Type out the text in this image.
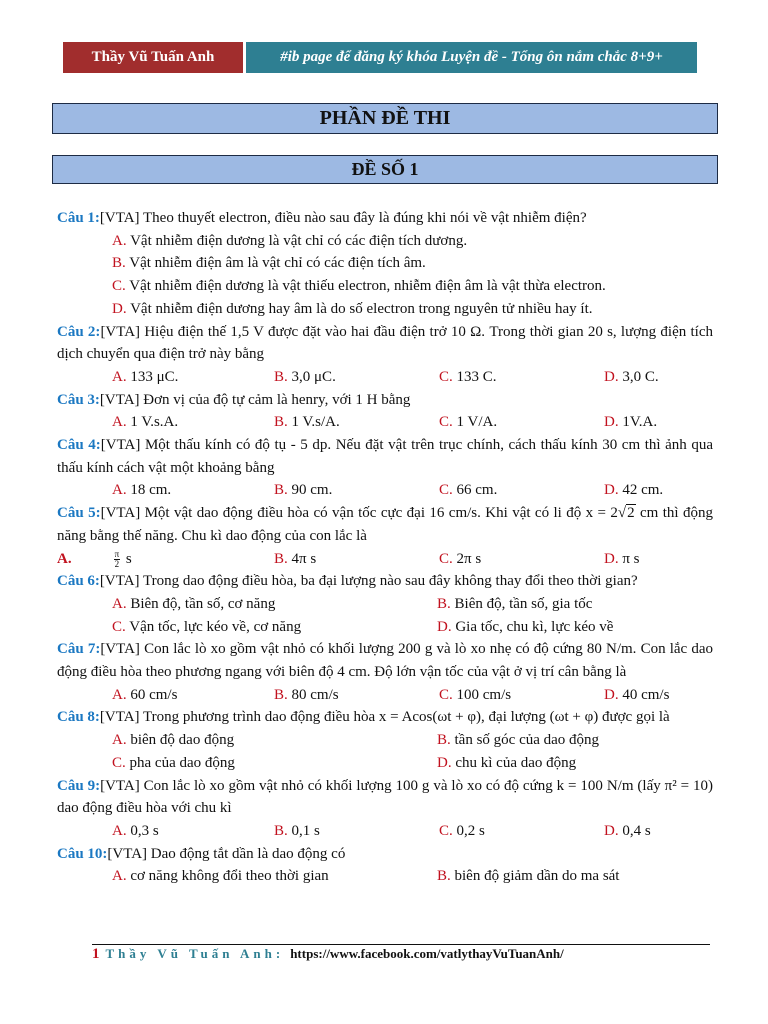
Thầy Vũ Tuấn Anh	#ib page để đăng ký khóa Luyện đề - Tổng ôn nắm chắc 8+9+
PHẦN ĐỀ THI
ĐỀ SỐ 1
Câu 1:[VTA] Theo thuyết electron, điều nào sau đây là đúng khi nói về vật nhiễm điện?
A. Vật nhiễm điện dương là vật chỉ có các điện tích dương.
B. Vật nhiễm điện âm là vật chỉ có các điện tích âm.
C. Vật nhiễm điện dương là vật thiếu electron, nhiễm điện âm là vật thừa electron.
D. Vật nhiễm điện dương hay âm là do số electron trong nguyên tử nhiều hay ít.
Câu 2:[VTA] Hiệu điện thế 1,5 V được đặt vào hai đầu điện trở 10 Ω. Trong thời gian 20 s, lượng điện tích dịch chuyển qua điện trở này bằng
A. 133 μC.	B. 3,0 μC.	C. 133 C.	D. 3,0 C.
Câu 3:[VTA] Đơn vị của độ tự cảm là henry, với 1 H bằng
A. 1 V.s.A.	B. 1 V.s/A.	C. 1 V/A.	D. 1V.A.
Câu 4:[VTA] Một thấu kính có độ tụ - 5 dp. Nếu đặt vật trên trục chính, cách thấu kính 30 cm thì ảnh qua thấu kính cách vật một khoảng bằng
A. 18 cm.	B. 90 cm.	C. 66 cm.	D. 42 cm.
Câu 5:[VTA] Một vật dao động điều hòa có vận tốc cực đại 16 cm/s. Khi vật có li độ x = 2√2 cm thì động năng bằng thế năng. Chu kì dao động của con lắc là
A.	$\frac{\pi}{2}$ s	B. 4π s	C. 2π s	D. π s
Câu 6:[VTA] Trong dao động điều hòa, ba đại lượng nào sau đây không thay đổi theo thời gian?
A. Biên độ, tần số, cơ năng	B. Biên độ, tần số, gia tốc
C. Vận tốc, lực kéo về, cơ năng	D. Gia tốc, chu kì, lực kéo về
Câu 7:[VTA] Con lắc lò xo gồm vật nhỏ có khối lượng 200 g và lò xo nhẹ có độ cứng 80 N/m. Con lắc dao động điều hòa theo phương ngang với biên độ 4 cm. Độ lớn vận tốc của vật ở vị trí cân bằng là
A. 60 cm/s	B. 80 cm/s	C. 100 cm/s	D. 40 cm/s
Câu 8:[VTA] Trong phương trình dao động điều hòa x = Acos(ωt + φ), đại lượng (ωt + φ) được gọi là
A. biên độ dao động	B. tần số góc của dao động
C. pha của dao động	D. chu kì của dao động
Câu 9:[VTA] Con lắc lò xo gồm vật nhỏ có khối lượng 100 g và lò xo có độ cứng k = 100 N/m (lấy π² = 10) dao động điều hòa với chu kì
A. 0,3 s	B. 0,1 s	C. 0,2 s	D. 0,4 s
Câu 10:[VTA] Dao động tắt dần là dao động có
A. cơ năng không đổi theo thời gian	B. biên độ giảm dần do ma sát
1 Thầy Vũ Tuấn Anh: https://www.facebook.com/vatlythayVuTuanAnh/
